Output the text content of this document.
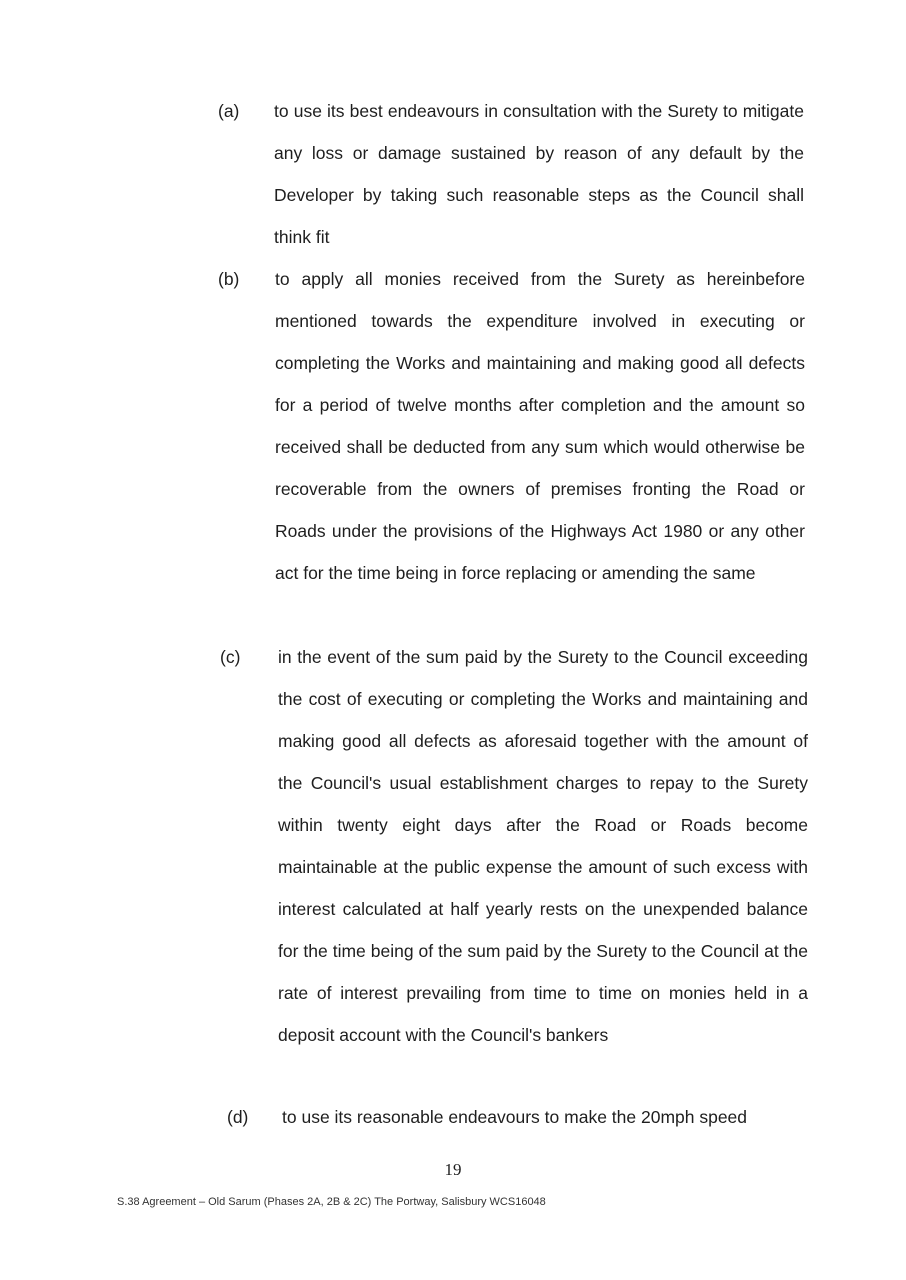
(a) to use its best endeavours in consultation with the Surety to mitigate any loss or damage sustained by reason of any default by the Developer by taking such reasonable steps as the Council shall think fit
(b) to apply all monies received from the Surety as hereinbefore mentioned towards the expenditure involved in executing or completing the Works and maintaining and making good all defects for a period of twelve months after completion and the amount so received shall be deducted from any sum which would otherwise be recoverable from the owners of premises fronting the Road or Roads under the provisions of the Highways Act 1980 or any other act for the time being in force replacing or amending the same
(c) in the event of the sum paid by the Surety to the Council exceeding the cost of executing or completing the Works and maintaining and making good all defects as aforesaid together with the amount of the Council's usual establishment charges to repay to the Surety within twenty eight days after the Road or Roads become maintainable at the public expense the amount of such excess with interest calculated at half yearly rests on the unexpended balance for the time being of the sum paid by the Surety to the Council at the rate of interest prevailing from time to time on monies held in a deposit account with the Council's bankers
(d) to use its reasonable endeavours to make the 20mph speed
19
S.38 Agreement – Old Sarum (Phases 2A, 2B & 2C) The Portway, Salisbury WCS16048
